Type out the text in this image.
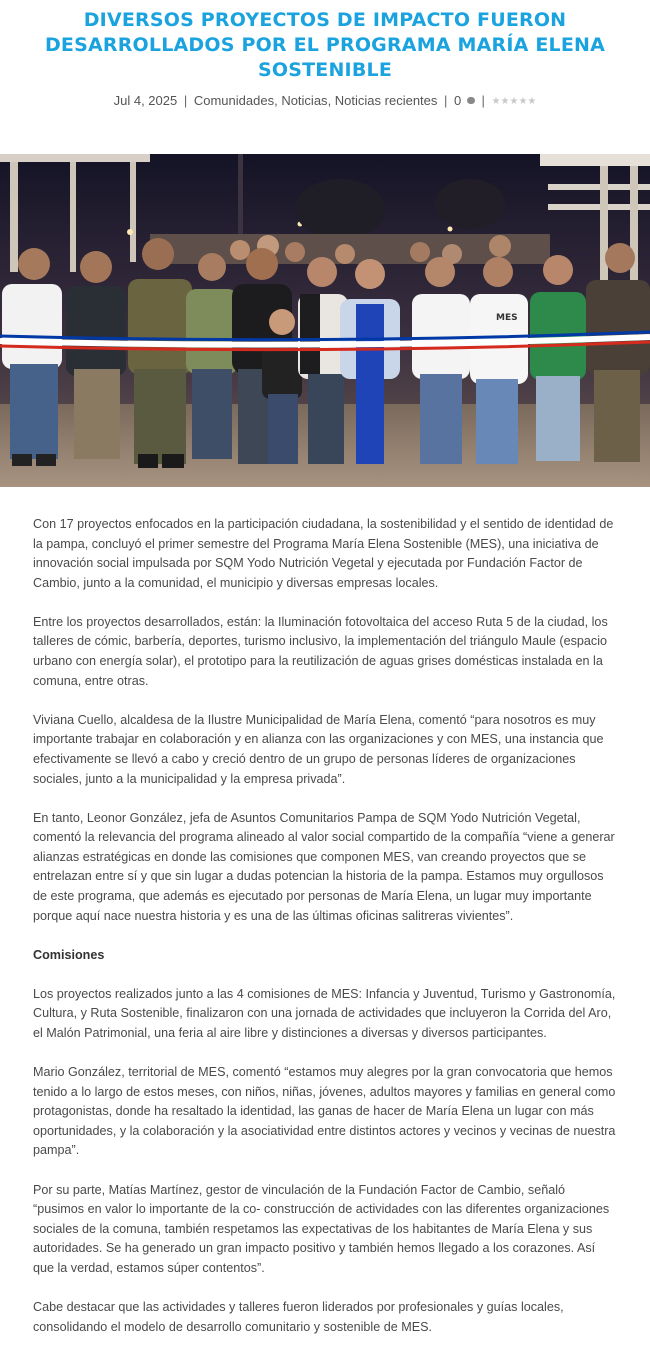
DIVERSOS PROYECTOS DE IMPACTO FUERON DESARROLLADOS POR EL PROGRAMA MARÍA ELENA SOSTENIBLE
Jul 4, 2025 | Comunidades, Noticias, Noticias recientes | 0 | ★★★★★
MES

Con 17 proyectos enfocados en la participación ciudadana, la sostenibilidad y el sentido de identidad de la pampa, concluyó el primer semestre del Programa María Elena Sostenible (MES), una iniciativa de innovación social impulsada por SQM Yodo Nutrición Vegetal y ejecutada por Fundación Factor de Cambio, junto a la comunidad, el municipio y diversas empresas locales.

Entre los proyectos desarrollados, están: la Iluminación fotovoltaica del acceso Ruta 5 de la ciudad, los talleres de cómic, barbería, deportes, turismo inclusivo, la implementación del triángulo Maule (espacio urbano con energía solar), el prototipo para la reutilización de aguas grises domésticas instalada en la comuna, entre otras.

Viviana Cuello, alcaldesa de la Ilustre Municipalidad de María Elena, comentó “para nosotros es muy importante trabajar en colaboración y en alianza con las organizaciones y con MES, una instancia que efectivamente se llevó a cabo y creció dentro de un grupo de personas líderes de organizaciones sociales, junto a la municipalidad y la empresa privada”.

En tanto, Leonor González, jefa de Asuntos Comunitarios Pampa de SQM Yodo Nutrición Vegetal, comentó la relevancia del programa alineado al valor social compartido de la compañía “viene a generar alianzas estratégicas en donde las comisiones que componen MES, van creando proyectos que se entrelazan entre sí y que sin lugar a dudas potencian la historia de la pampa. Estamos muy orgullosos de este programa, que además es ejecutado por personas de María Elena, un lugar muy importante porque aquí nace nuestra historia y es una de las últimas oficinas salitreras vivientes”.

Comisiones

Los proyectos realizados junto a las 4 comisiones de MES: Infancia y Juventud, Turismo y Gastronomía, Cultura, y Ruta Sostenible, finalizaron con una jornada de actividades que incluyeron la Corrida del Aro, el Malón Patrimonial, una feria al aire libre y distinciones a diversas y diversos participantes.

Mario González, territorial de MES, comentó “estamos muy alegres por la gran convocatoria que hemos tenido a lo largo de estos meses, con niños, niñas, jóvenes, adultos mayores y familias en general como protagonistas, donde ha resaltado la identidad, las ganas de hacer de María Elena un lugar con más oportunidades, y la colaboración y la asociatividad entre distintos actores y vecinos y vecinas de nuestra pampa”.

Por su parte, Matías Martínez, gestor de vinculación de la Fundación Factor de Cambio, señaló “pusimos en valor lo importante de la co- construcción de actividades con las diferentes organizaciones sociales de la comuna, también respetamos las expectativas de los habitantes de María Elena y sus autoridades. Se ha generado un gran impacto positivo y también hemos llegado a los corazones. Así que la verdad, estamos súper contentos”.

Cabe destacar que las actividades y talleres fueron liderados por profesionales y guías locales, consolidando el modelo de desarrollo comunitario y sostenible de MES.
